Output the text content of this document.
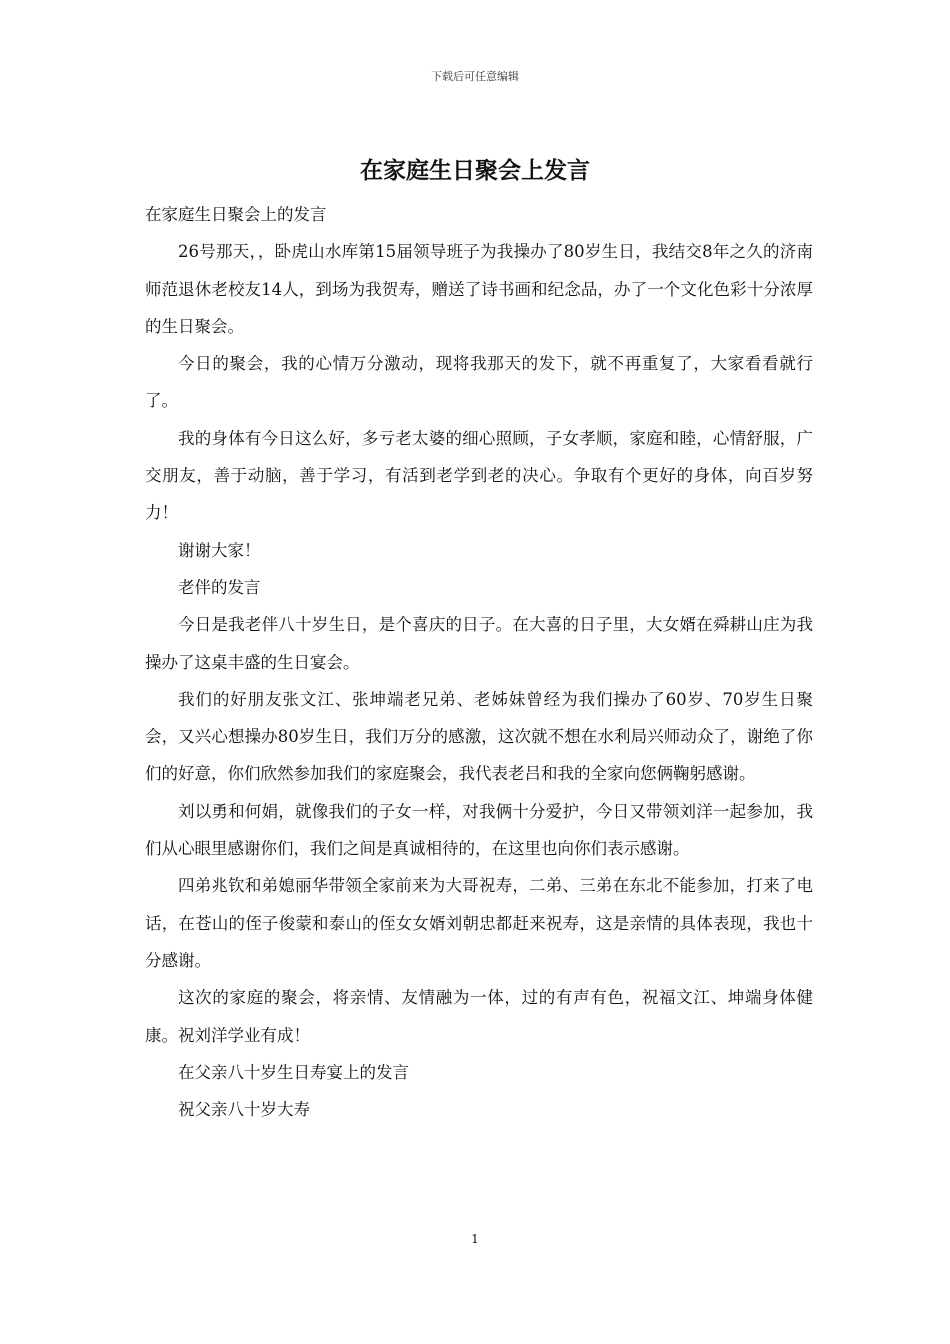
下载后可任意编辑
在家庭生日聚会上发言

在家庭生日聚会上的发言

26号那天，，卧虎山水库第15届领导班子为我操办了80岁生日，我结交8年之久的济南师范退休老校友14人，到场为我贺寿，赠送了诗书画和纪念品，办了一个文化色彩十分浓厚的生日聚会。

今日的聚会，我的心情万分激动，现将我那天的发下，就不再重复了，大家看看就行了。

我的身体有今日这么好，多亏老太婆的细心照顾，子女孝顺，家庭和睦，心情舒服，广交朋友，善于动脑，善于学习，有活到老学到老的决心。争取有个更好的身体，向百岁努力！

谢谢大家！

老伴的发言

今日是我老伴八十岁生日，是个喜庆的日子。在大喜的日子里，大女婿在舜耕山庄为我操办了这桌丰盛的生日宴会。

我们的好朋友张文江、张坤端老兄弟、老姊妹曾经为我们操办了60岁、70岁生日聚会，又兴心想操办80岁生日，我们万分的感激，这次就不想在水利局兴师动众了，谢绝了你们的好意，你们欣然参加我们的家庭聚会，我代表老吕和我的全家向您俩鞠躬感谢。

刘以勇和何娟，就像我们的子女一样，对我俩十分爱护，今日又带领刘洋一起参加，我们从心眼里感谢你们，我们之间是真诚相待的，在这里也向你们表示感谢。

四弟兆钦和弟媳丽华带领全家前来为大哥祝寿，二弟、三弟在东北不能参加，打来了电话，在苍山的侄子俊蒙和泰山的侄女女婿刘朝忠都赶来祝寿，这是亲情的具体表现，我也十分感谢。

这次的家庭的聚会，将亲情、友情融为一体，过的有声有色，祝福文江、坤端身体健康。祝刘洋学业有成！

在父亲八十岁生日寿宴上的发言

祝父亲八十岁大寿

1
